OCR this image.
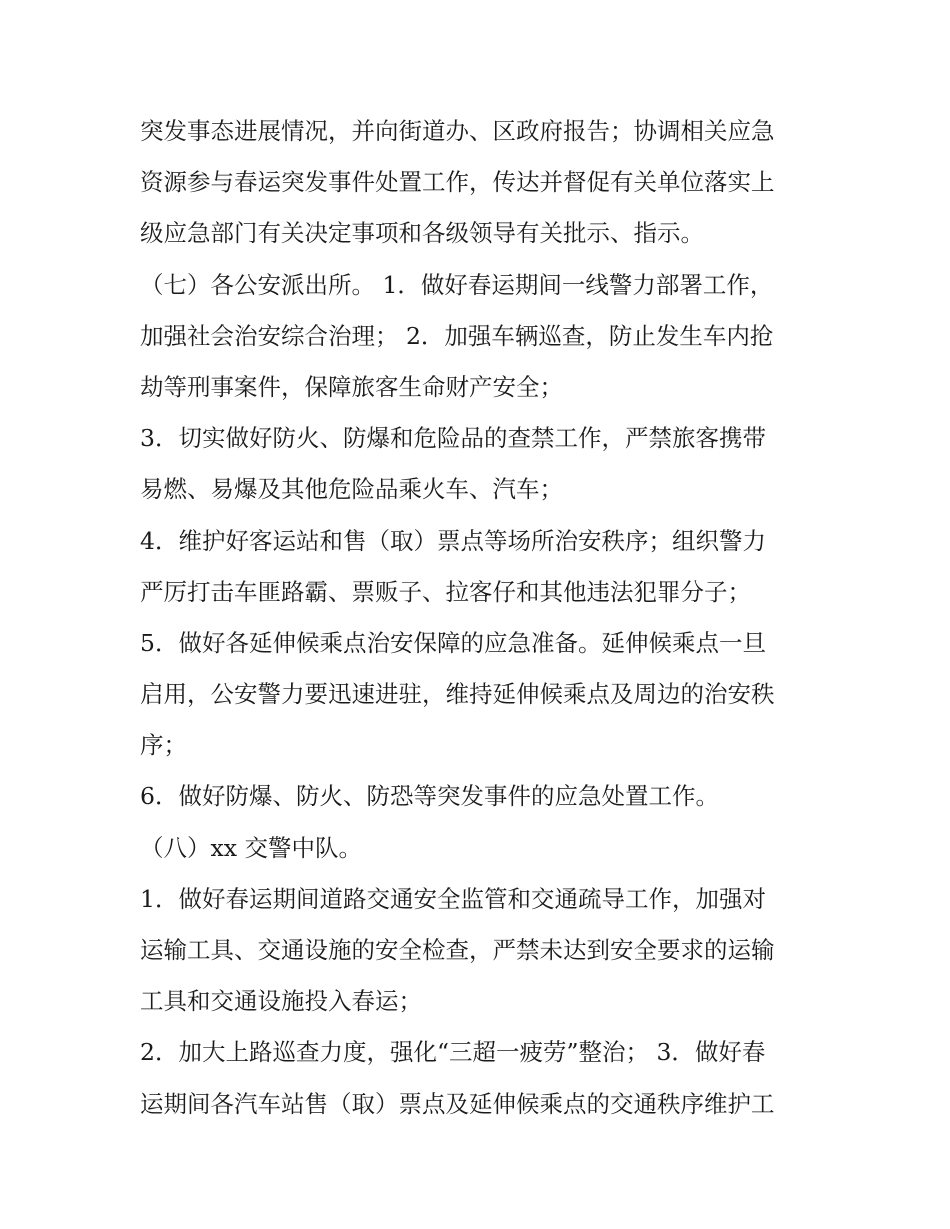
突发事态进展情况，并向街道办、区政府报告；协调相关应急
资源参与春运突发事件处置工作，传达并督促有关单位落实上
级应急部门有关决定事项和各级领导有关批示、指示。
（七）各公安派出所。 1．做好春运期间一线警力部署工作，
加强社会治安综合治理； 2．加强车辆巡查，防止发生车内抢
劫等刑事案件，保障旅客生命财产安全；
3．切实做好防火、防爆和危险品的查禁工作，严禁旅客携带
易燃、易爆及其他危险品乘火车、汽车；
4．维护好客运站和售（取）票点等场所治安秩序；组织警力
严厉打击车匪路霸、票贩子、拉客仔和其他违法犯罪分子；
5．做好各延伸候乘点治安保障的应急准备。延伸候乘点一旦
启用，公安警力要迅速进驻，维持延伸候乘点及周边的治安秩
序；
6．做好防爆、防火、防恐等突发事件的应急处置工作。
（八）xx 交警中队。
1．做好春运期间道路交通安全监管和交通疏导工作，加强对
运输工具、交通设施的安全检查，严禁未达到安全要求的运输
工具和交通设施投入春运；
2．加大上路巡查力度，强化“三超一疲劳”整治； 3．做好春
运期间各汽车站售（取）票点及延伸候乘点的交通秩序维护工
